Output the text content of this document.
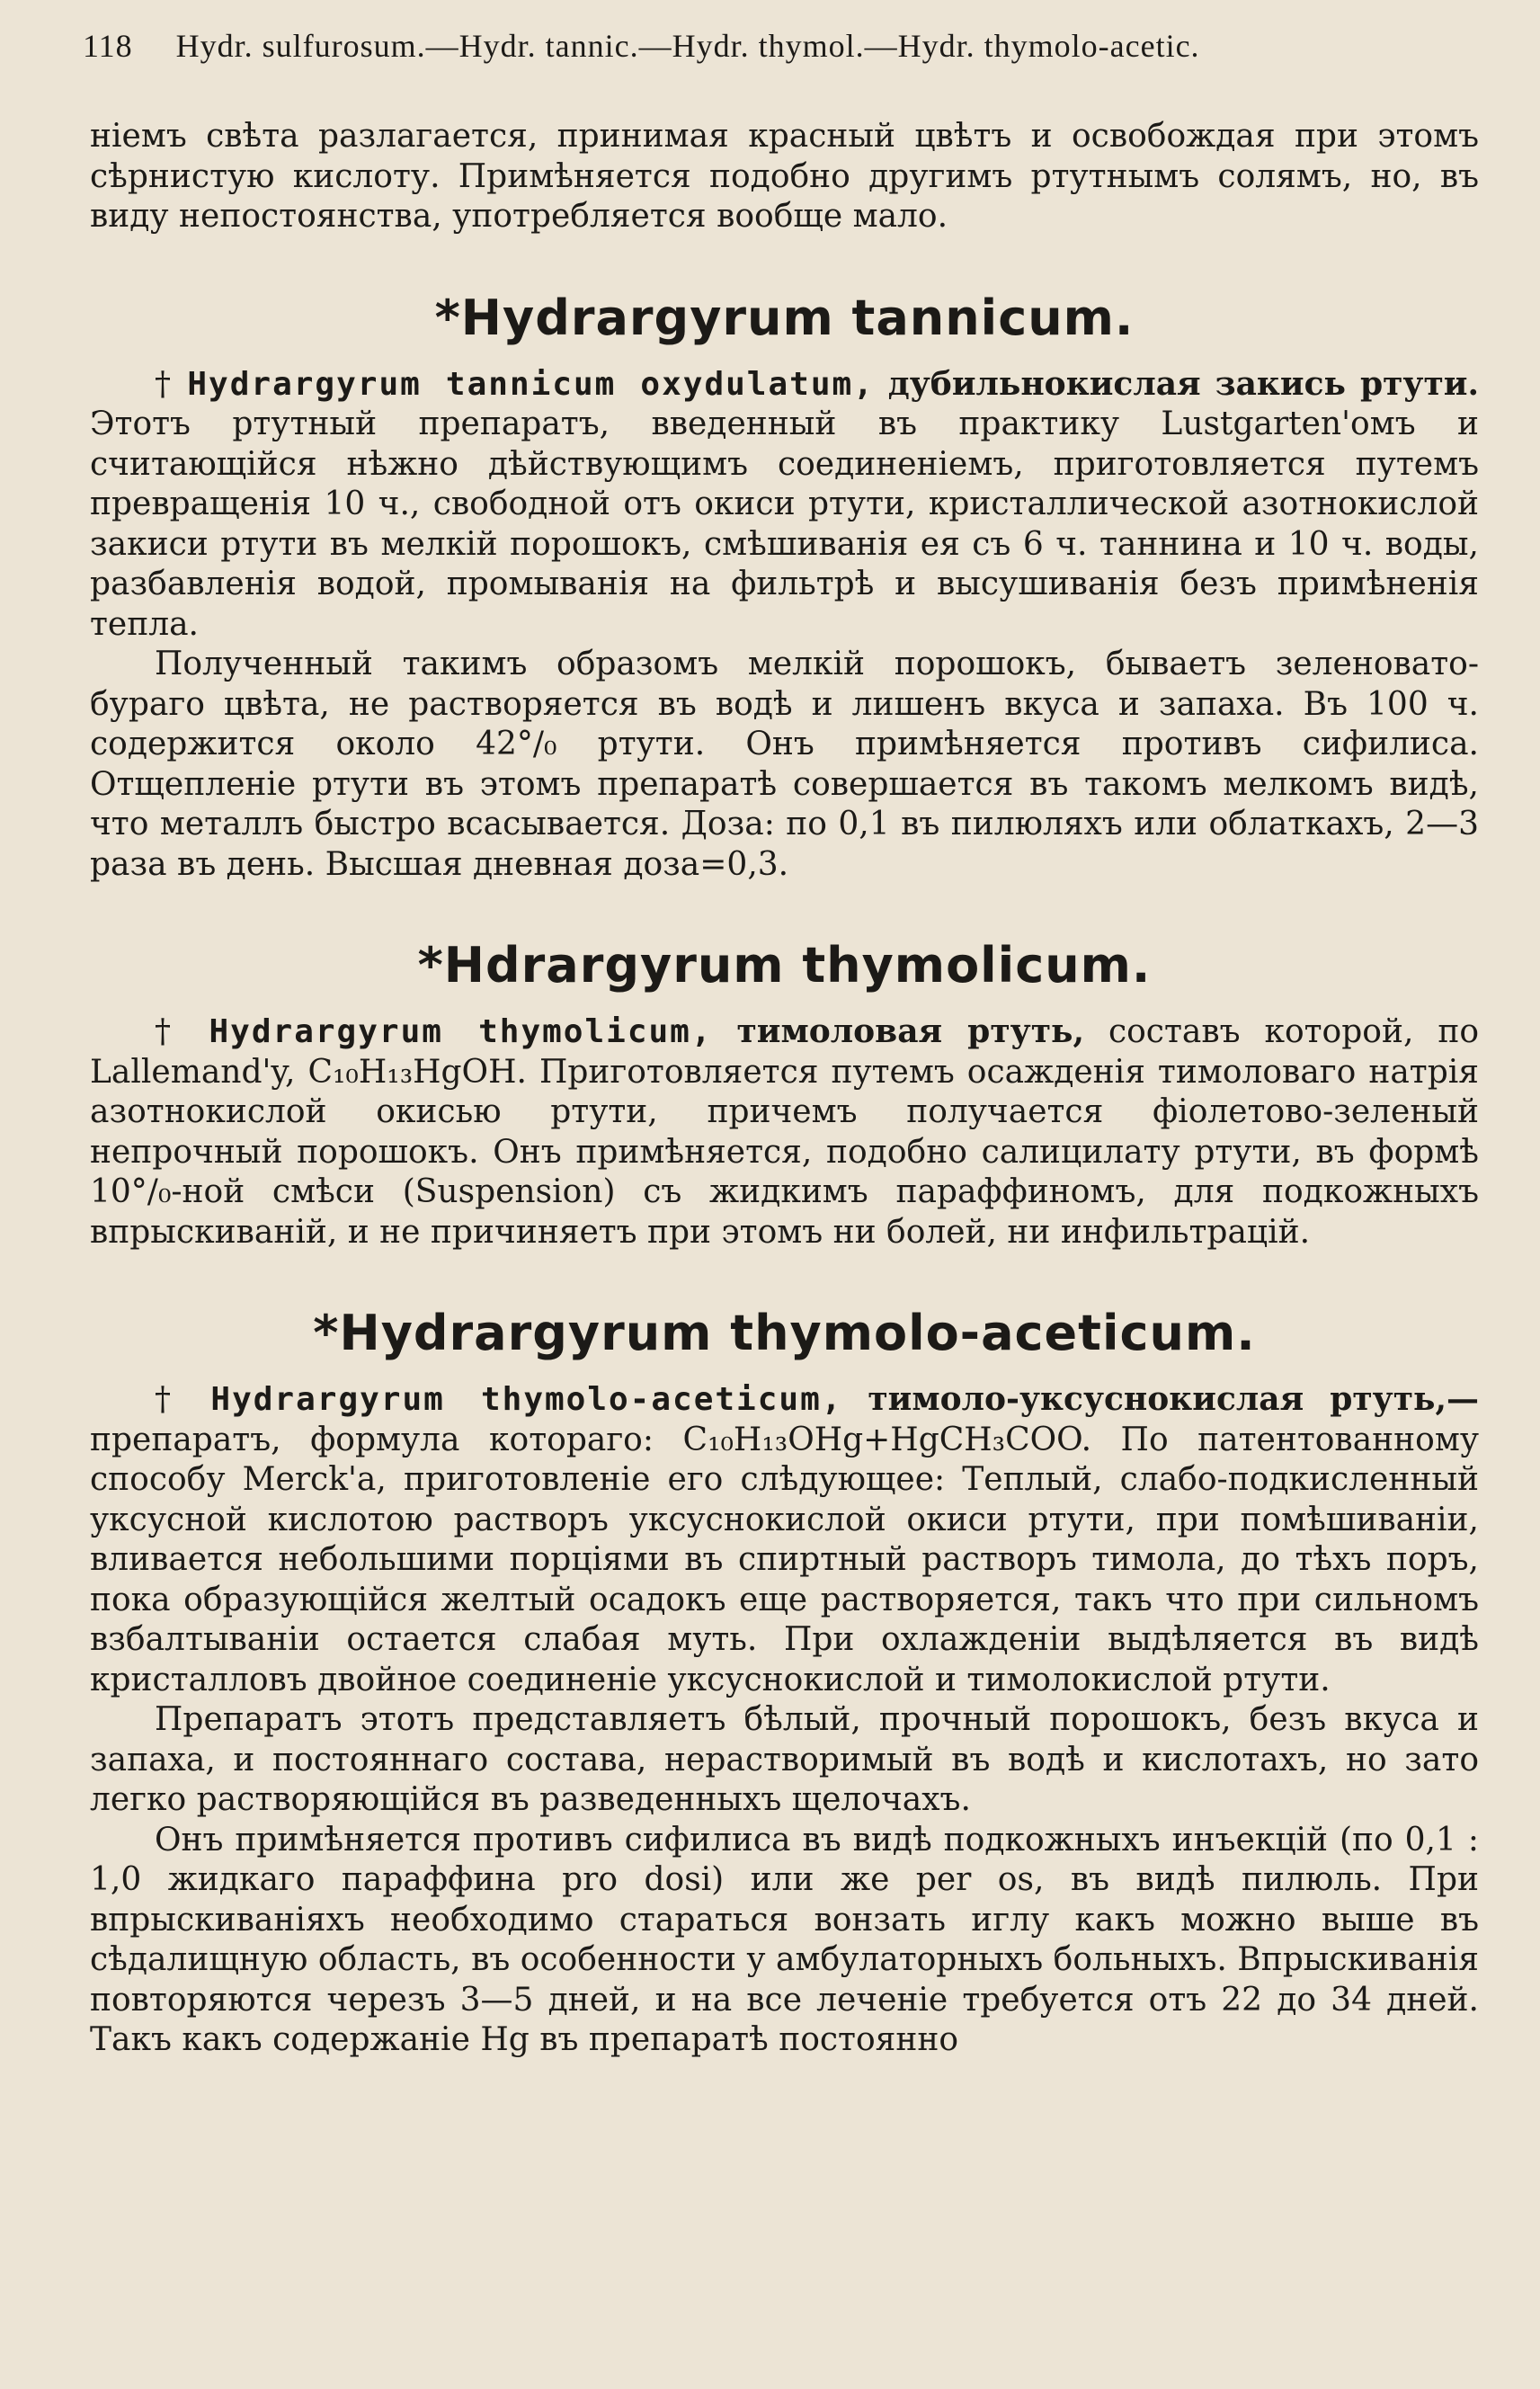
118 Hydr. sulfurosum.—Hydr. tannic.—Hydr. thymol.—Hydr. thymolo-acetic.

ніемъ свѣта разлагается, принимая красный цвѣтъ и освобождая при этомъ сѣрнистую кислоту. Примѣняется подобно другимъ ртутнымъ солямъ, но, въ виду непостоянства, употребляется вообще мало.

*Hydrargyrum tannicum.

† Hydrargyrum tannicum oxydulatum, дубильнокислая закись ртути. Этотъ ртутный препаратъ, введенный въ практику Lustgarten'омъ и считающійся нѣжно дѣйствующимъ соединеніемъ, приготовляется путемъ превращенія 10 ч., свободной отъ окиси ртути, кристаллической азотнокислой закиси ртути въ мелкій порошокъ, смѣшиванія ея съ 6 ч. таннина и 10 ч. воды, разбавленія водой, промыванія на фильтрѣ и высушиванія безъ примѣненія тепла.

Полученный такимъ образомъ мелкій порошокъ, бываетъ зеленовато-бураго цвѣта, не растворяется въ водѣ и лишенъ вкуса и запаха. Въ 100 ч. содержится около 42°/₀ ртути. Онъ примѣняется противъ сифилиса. Отщепленіе ртути въ этомъ препаратѣ совершается въ такомъ мелкомъ видѣ, что металлъ быстро всасывается. Доза: по 0,1 въ пилюляхъ или облаткахъ, 2—3 раза въ день. Высшая дневная доза=0,3.

*Hdrargyrum thymolicum.

† Hydrargyrum thymolicum, тимоловая ртуть, составъ которой, по Lallemand'y, C₁₀H₁₃HgOH. Приготовляется путемъ осажденія тимоловаго натрія азотнокислой окисью ртути, причемъ получается фіолетово-зеленый непрочный порошокъ. Онъ примѣняется, подобно салицилату ртути, въ формѣ 10°/₀-ной смѣси (Suspension) съ жидкимъ параффиномъ, для подкожныхъ впрыскиваній, и не причиняетъ при этомъ ни болей, ни инфильтрацій.

*Hydrargyrum thymolo-aceticum.

† Hydrargyrum thymolo-aceticum, тимоло-уксуснокислая ртуть,— препаратъ, формула котораго: C₁₀H₁₃OHg+HgCH₃COO. По патентованному способу Merck'a, приготовленіе его слѣдующее: Теплый, слабо-подкисленный уксусной кислотою растворъ уксуснокислой окиси ртути, при помѣшиваніи, вливается небольшими порціями въ спиртный растворъ тимола, до тѣхъ поръ, пока образующійся желтый осадокъ еще растворяется, такъ что при сильномъ взбалтываніи остается слабая муть. При охлажденіи выдѣляется въ видѣ кристалловъ двойное соединеніе уксуснокислой и тимолокислой ртути.

Препаратъ этотъ представляетъ бѣлый, прочный порошокъ, безъ вкуса и запаха, и постояннаго состава, нерастворимый въ водѣ и кислотахъ, но зато легко растворяющійся въ разведенныхъ щелочахъ.

Онъ примѣняется противъ сифилиса въ видѣ подкожныхъ инъекцій (по 0,1 : 1,0 жидкаго параффина pro dosi) или же per os, въ видѣ пилюль. При впрыскиваніяхъ необходимо стараться вонзать иглу какъ можно выше въ сѣдалищную область, въ особенности у амбулаторныхъ больныхъ. Впрыскиванія повторяются черезъ 3—5 дней, и на все леченіе требуется отъ 22 до 34 дней. Такъ какъ содержаніе Hg въ препаратѣ постоянно
